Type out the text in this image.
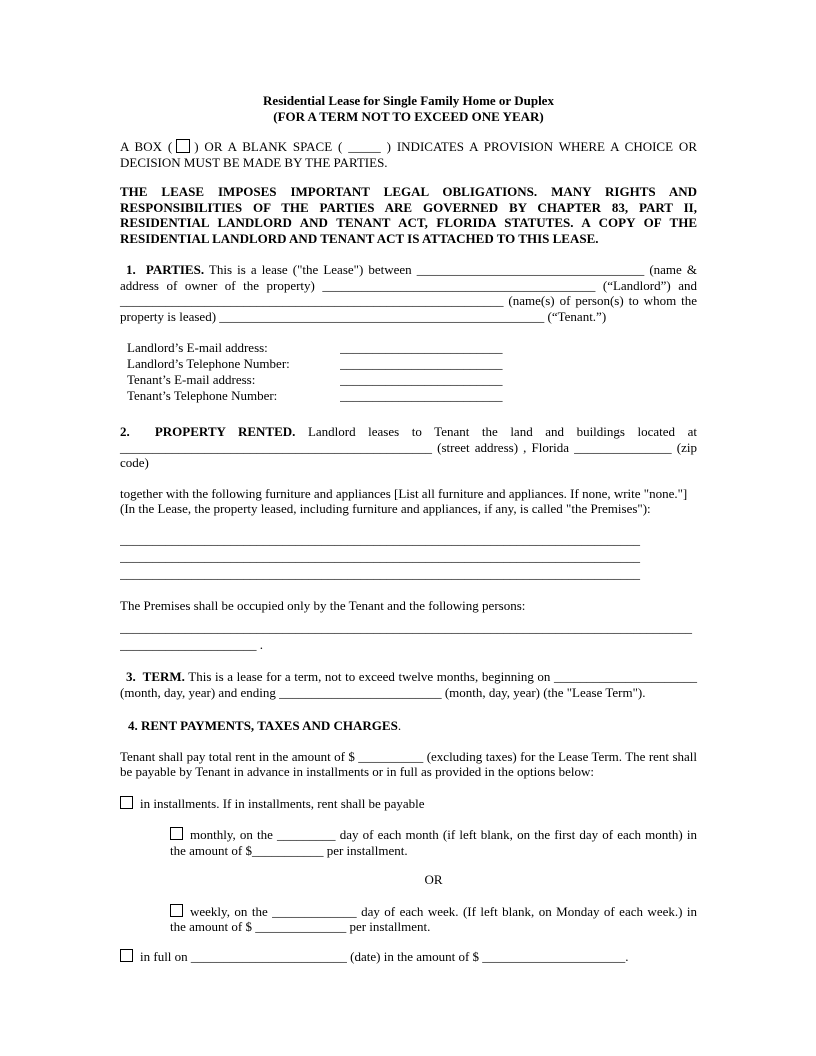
Residential Lease for Single Family Home or Duplex
(FOR A TERM NOT TO EXCEED ONE YEAR)

A BOX ( ) OR A BLANK SPACE ( _____ ) INDICATES A PROVISION WHERE A CHOICE OR DECISION MUST BE MADE BY THE PARTIES.

THE LEASE IMPOSES IMPORTANT LEGAL OBLIGATIONS. MANY RIGHTS AND RESPONSIBILITIES OF THE PARTIES ARE GOVERNED BY CHAPTER 83, PART II, RESIDENTIAL LANDLORD AND TENANT ACT, FLORIDA STATUTES. A COPY OF THE RESIDENTIAL LANDLORD AND TENANT ACT IS ATTACHED TO THIS LEASE.

1.  PARTIES. This is a lease ("the Lease") between ___________________________________ (name & address of owner of the property) __________________________________________ (“Landlord”) and ___________________________________________________________ (name(s) of person(s) to whom the property is leased) __________________________________________________ (“Tenant.”)

Landlord’s E-mail address:	_________________________
Landlord’s Telephone Number:	_________________________
Tenant’s E-mail address:	_________________________
Tenant’s Telephone Number:	_________________________

2.  PROPERTY RENTED. Landlord leases to Tenant the land and buildings located at ________________________________________________ (street address) , Florida _______________ (zip code)

together with the following furniture and appliances [List all furniture and appliances. If none, write "none."] (In the Lease, the property leased, including furniture and appliances, if any, is called "the Premises"):

________________________________________________________________________________
________________________________________________________________________________
________________________________________________________________________________

The Premises shall be occupied only by the Tenant and the following persons:

________________________________________________________________________________________
_____________________ .

3.  TERM. This is a lease for a term, not to exceed twelve months, beginning on ______________________ (month, day, year) and ending _________________________ (month, day, year) (the "Lease Term").

4. RENT PAYMENTS, TAXES AND CHARGES.

Tenant shall pay total rent in the amount of $ __________ (excluding taxes) for the Lease Term. The rent shall be payable by Tenant in advance in installments or in full as provided in the options below:

in installments. If in installments, rent shall be payable

monthly, on the _________ day of each month (if left blank, on the first day of each month) in the amount of $___________ per installment.

OR

weekly, on the _____________ day of each week. (If left blank, on Monday of each week.) in the amount of $ ______________ per installment.

in full on ________________________ (date) in the amount of $ ______________________.
